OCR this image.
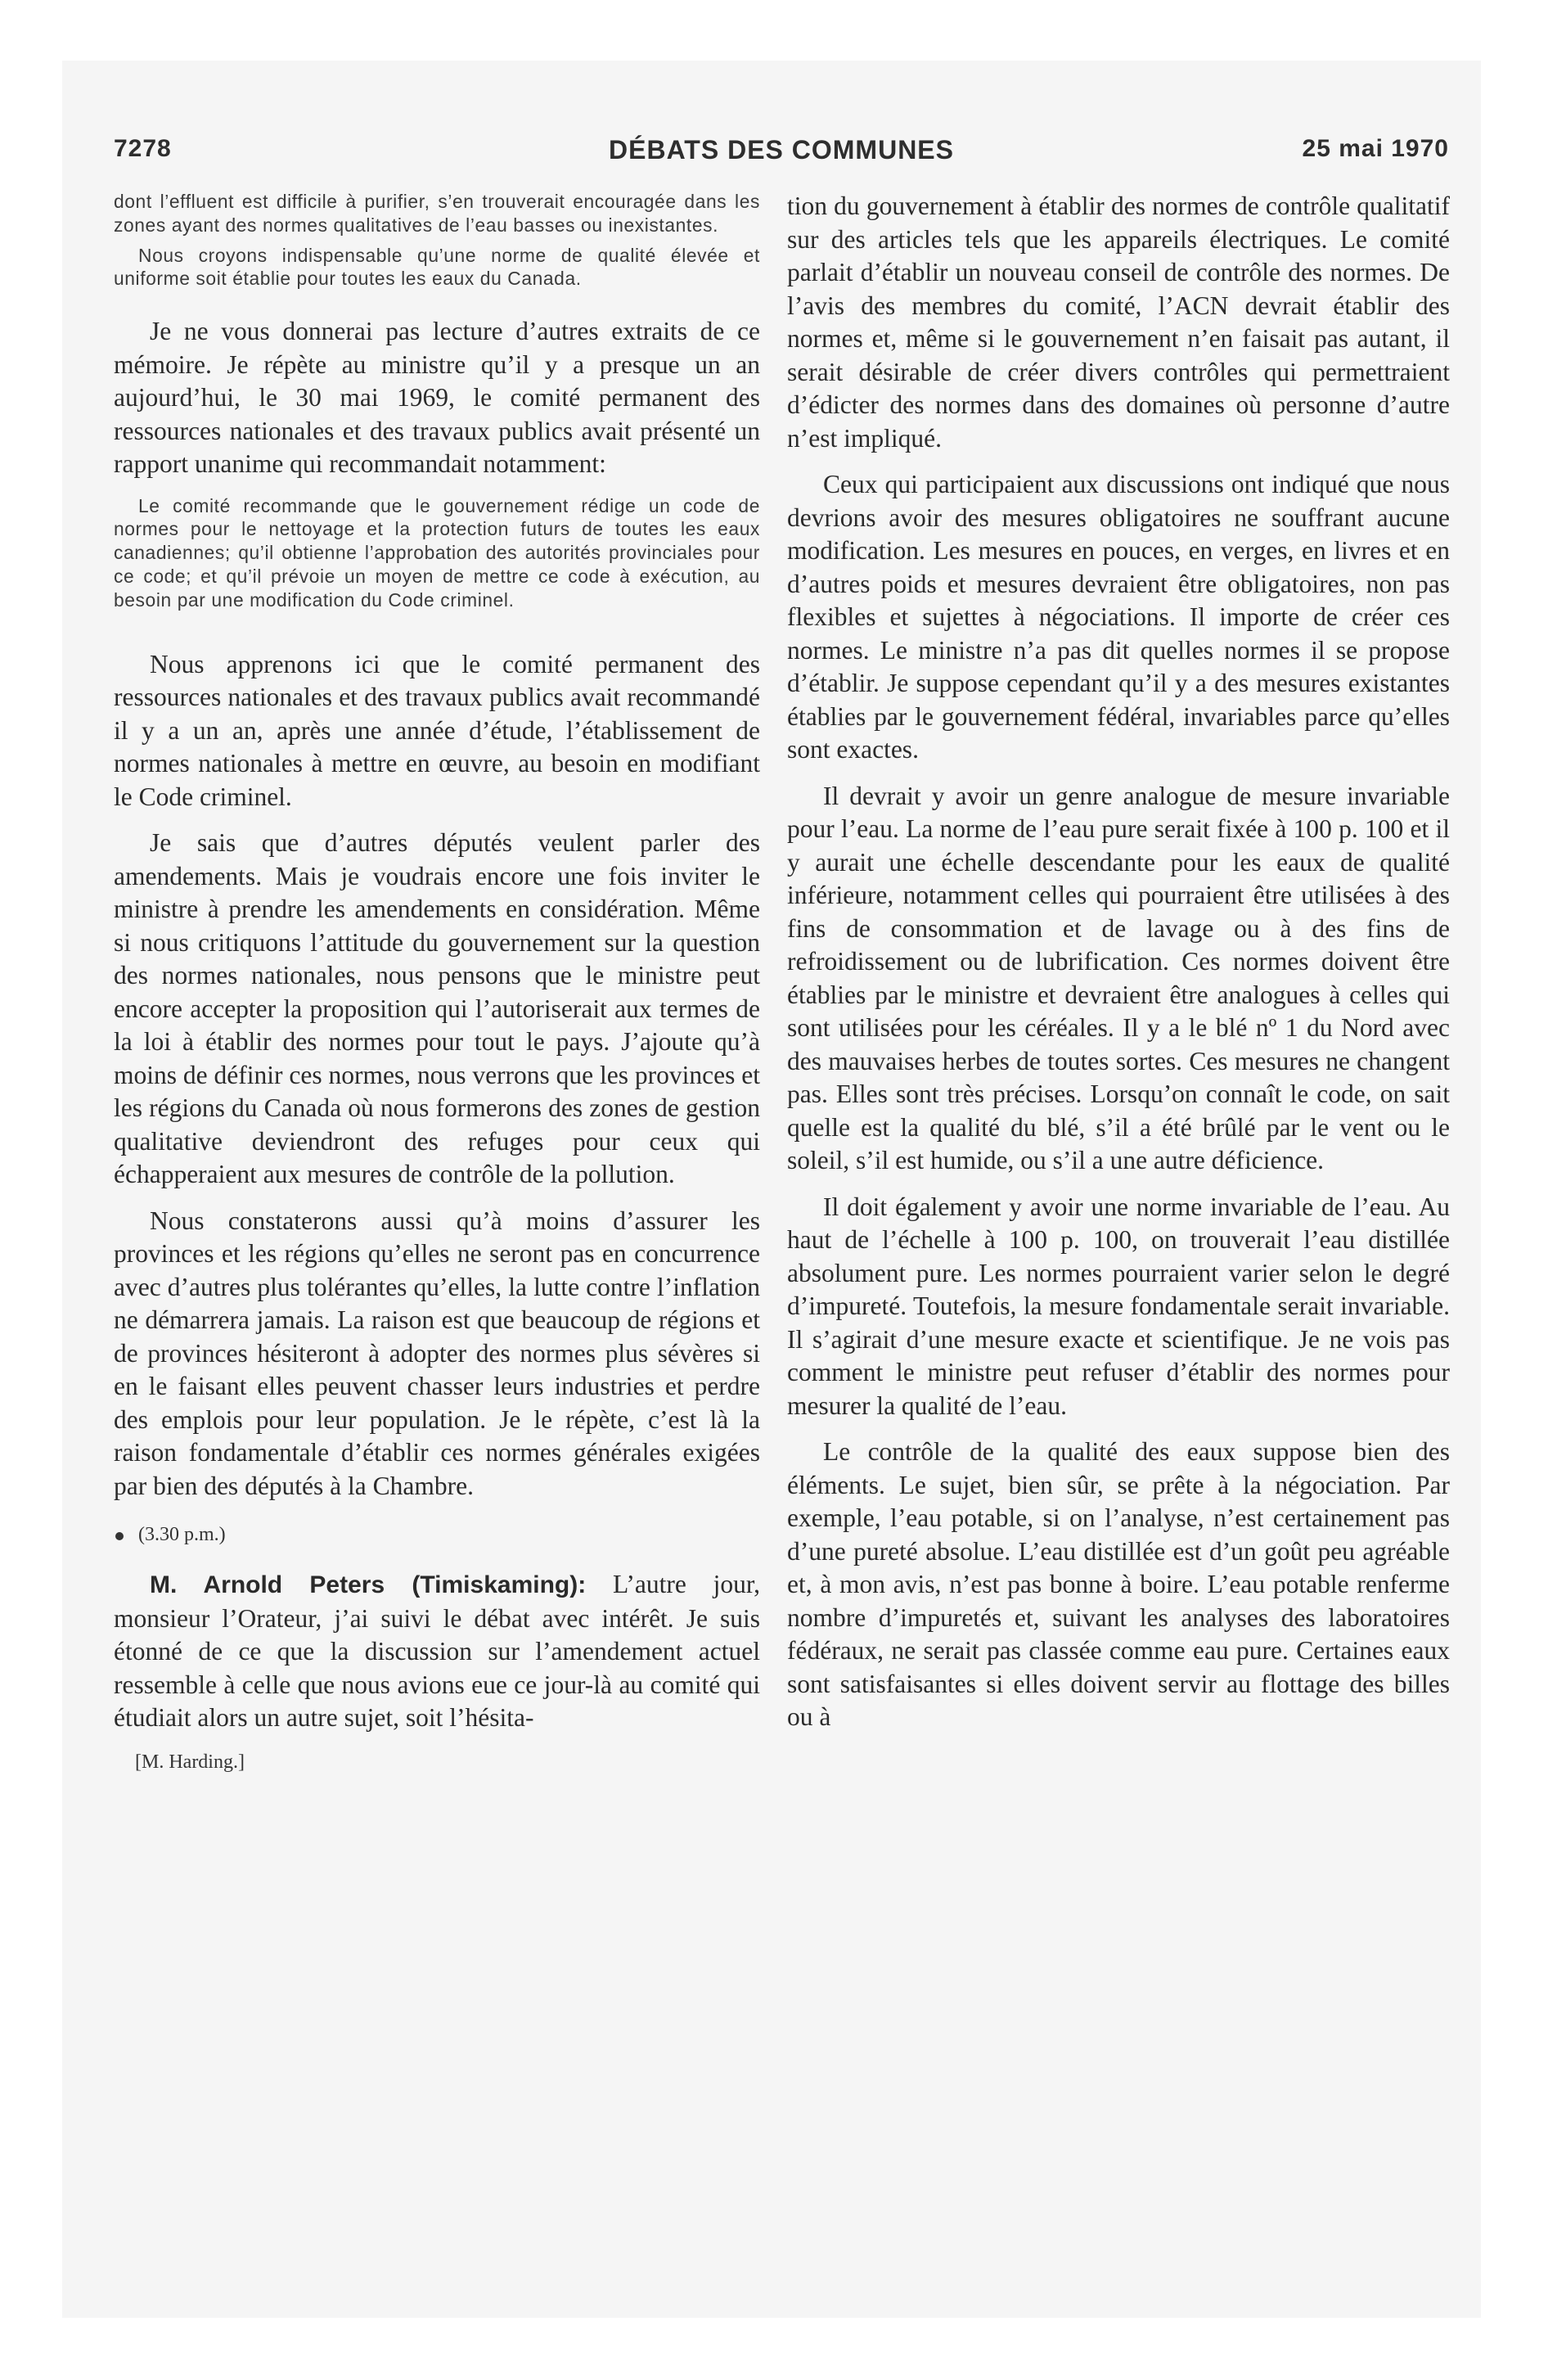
7278	DÉBATS DES COMMUNES	25 mai 1970

dont l’effluent est difficile à purifier, s’en trouverait encouragée dans les zones ayant des normes qualitatives de l’eau basses ou inexistantes.

Nous croyons indispensable qu’une norme de qualité élevée et uniforme soit établie pour toutes les eaux du Canada.

Je ne vous donnerai pas lecture d’autres extraits de ce mémoire. Je répète au ministre qu’il y a presque un an aujourd’hui, le 30 mai 1969, le comité permanent des ressources nationales et des travaux publics avait présenté un rapport unanime qui recommandait notamment:

Le comité recommande que le gouvernement rédige un code de normes pour le nettoyage et la protection futurs de toutes les eaux canadiennes; qu’il obtienne l’approbation des autorités provinciales pour ce code; et qu’il prévoie un moyen de mettre ce code à exécution, au besoin par une modification du Code criminel.

Nous apprenons ici que le comité permanent des ressources nationales et des travaux publics avait recommandé il y a un an, après une année d’étude, l’établissement de normes nationales à mettre en œuvre, au besoin en modifiant le Code criminel.

Je sais que d’autres députés veulent parler des amendements. Mais je voudrais encore une fois inviter le ministre à prendre les amendements en considération. Même si nous critiquons l’attitude du gouvernement sur la question des normes nationales, nous pensons que le ministre peut encore accepter la proposition qui l’autoriserait aux termes de la loi à établir des normes pour tout le pays. J’ajoute qu’à moins de définir ces normes, nous verrons que les provinces et les régions du Canada où nous formerons des zones de gestion qualitative deviendront des refuges pour ceux qui échapperaient aux mesures de contrôle de la pollution.

Nous constaterons aussi qu’à moins d’assurer les provinces et les régions qu’elles ne seront pas en concurrence avec d’autres plus tolérantes qu’elles, la lutte contre l’inflation ne démarrera jamais. La raison est que beaucoup de régions et de provinces hésiteront à adopter des normes plus sévères si en le faisant elles peuvent chasser leurs industries et perdre des emplois pour leur population. Je le répète, c’est là la raison fondamentale d’établir ces normes générales exigées par bien des députés à la Chambre.

(3.30 p.m.)

M. Arnold Peters (Timiskaming): L’autre jour, monsieur l’Orateur, j’ai suivi le débat avec intérêt. Je suis étonné de ce que la discussion sur l’amendement actuel ressemble à celle que nous avions eue ce jour-là au comité qui étudiait alors un autre sujet, soit l’hésita-

[M. Harding.]

tion du gouvernement à établir des normes de contrôle qualitatif sur des articles tels que les appareils électriques. Le comité parlait d’établir un nouveau conseil de contrôle des normes. De l’avis des membres du comité, l’ACN devrait établir des normes et, même si le gouvernement n’en faisait pas autant, il serait désirable de créer divers contrôles qui permettraient d’édicter des normes dans des domaines où personne d’autre n’est impliqué.

Ceux qui participaient aux discussions ont indiqué que nous devrions avoir des mesures obligatoires ne souffrant aucune modification. Les mesures en pouces, en verges, en livres et en d’autres poids et mesures devraient être obligatoires, non pas flexibles et sujettes à négociations. Il importe de créer ces normes. Le ministre n’a pas dit quelles normes il se propose d’établir. Je suppose cependant qu’il y a des mesures existantes établies par le gouvernement fédéral, invariables parce qu’elles sont exactes.

Il devrait y avoir un genre analogue de mesure invariable pour l’eau. La norme de l’eau pure serait fixée à 100 p. 100 et il y aurait une échelle descendante pour les eaux de qualité inférieure, notamment celles qui pourraient être utilisées à des fins de consommation et de lavage ou à des fins de refroidissement ou de lubrification. Ces normes doivent être établies par le ministre et devraient être analogues à celles qui sont utilisées pour les céréales. Il y a le blé nº 1 du Nord avec des mauvaises herbes de toutes sortes. Ces mesures ne changent pas. Elles sont très précises. Lorsqu’on connaît le code, on sait quelle est la qualité du blé, s’il a été brûlé par le vent ou le soleil, s’il est humide, ou s’il a une autre déficience.

Il doit également y avoir une norme invariable de l’eau. Au haut de l’échelle à 100 p. 100, on trouverait l’eau distillée absolument pure. Les normes pourraient varier selon le degré d’impureté. Toutefois, la mesure fondamentale serait invariable. Il s’agirait d’une mesure exacte et scientifique. Je ne vois pas comment le ministre peut refuser d’établir des normes pour mesurer la qualité de l’eau.

Le contrôle de la qualité des eaux suppose bien des éléments. Le sujet, bien sûr, se prête à la négociation. Par exemple, l’eau potable, si on l’analyse, n’est certainement pas d’une pureté absolue. L’eau distillée est d’un goût peu agréable et, à mon avis, n’est pas bonne à boire. L’eau potable renferme nombre d’impuretés et, suivant les analyses des laboratoires fédéraux, ne serait pas classée comme eau pure. Certaines eaux sont satisfaisantes si elles doivent servir au flottage des billes ou à
